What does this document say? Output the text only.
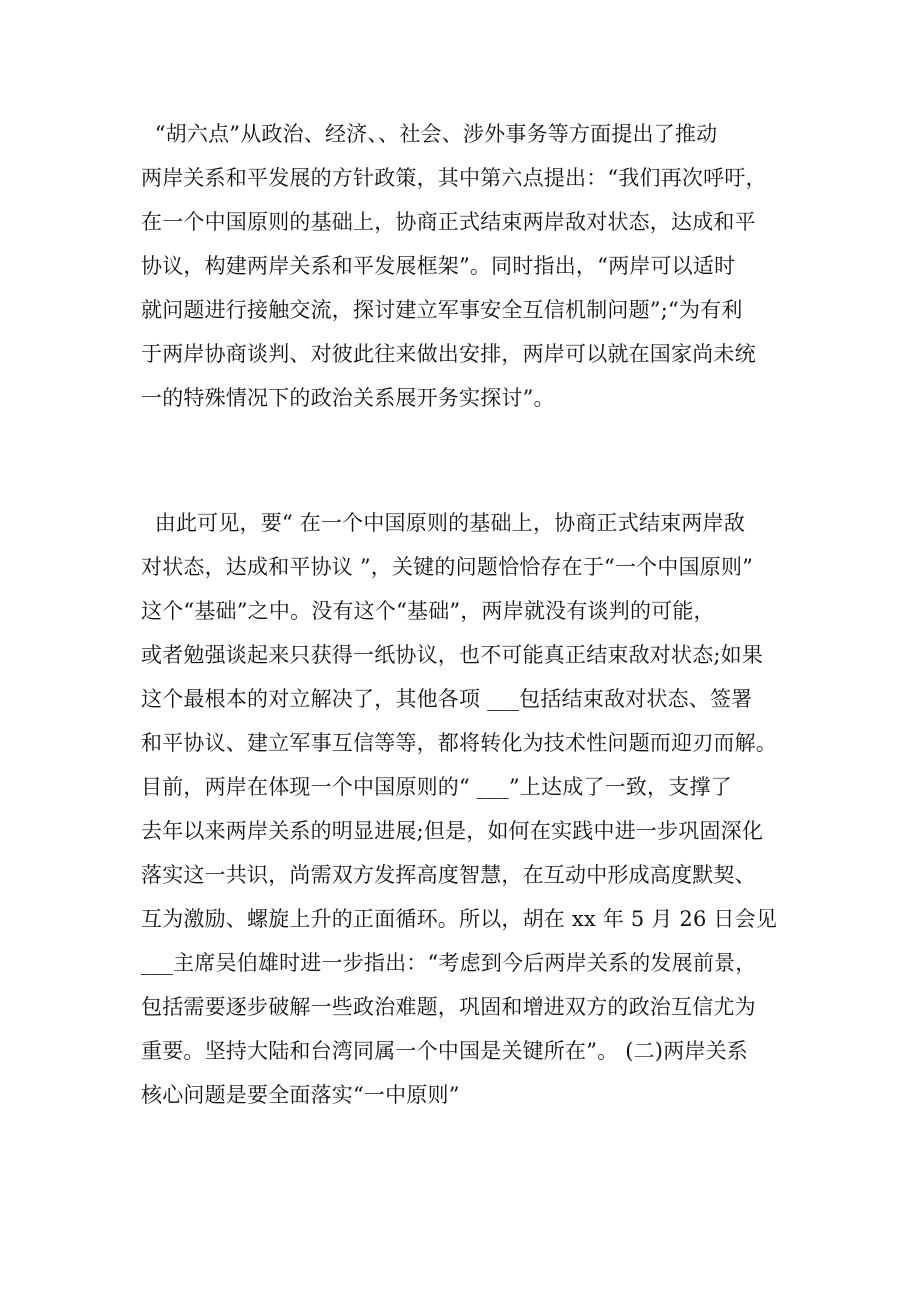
“胡六点”从政治、经济、、社会、涉外事务等方面提出了推动
两岸关系和平发展的方针政策，其中第六点提出：“我们再次呼吁，
在一个中国原则的基础上，协商正式结束两岸敌对状态，达成和平
协议，构建两岸关系和平发展框架”。同时指出，“两岸可以适时
就问题进行接触交流，探讨建立军事安全互信机制问题”;“为有利
于两岸协商谈判、对彼此往来做出安排，两岸可以就在国家尚未统
一的特殊情况下的政治关系展开务实探讨”。
由此可见，要“ 在一个中国原则的基础上，协商正式结束两岸敌
对状态，达成和平协议 ”，关键的问题恰恰存在于“一个中国原则”
这个“基础”之中。没有这个“基础”，两岸就没有谈判的可能，
或者勉强谈起来只获得一纸协议，也不可能真正结束敌对状态;如果
这个最根本的对立解决了，其他各项 ___包括结束敌对状态、签署
和平协议、建立军事互信等等，都将转化为技术性问题而迎刃而解。
目前，两岸在体现一个中国原则的“ ___”上达成了一致，支撑了
去年以来两岸关系的明显进展;但是，如何在实践中进一步巩固深化
落实这一共识，尚需双方发挥高度智慧，在互动中形成高度默契、
互为激励、螺旋上升的正面循环。所以，胡在 xx 年 5 月 26 日会见
___主席吴伯雄时进一步指出：“考虑到今后两岸关系的发展前景，
包括需要逐步破解一些政治难题，巩固和增进双方的政治互信尤为
重要。坚持大陆和台湾同属一个中国是关键所在”。 (二)两岸关系
核心问题是要全面落实“一中原则”
